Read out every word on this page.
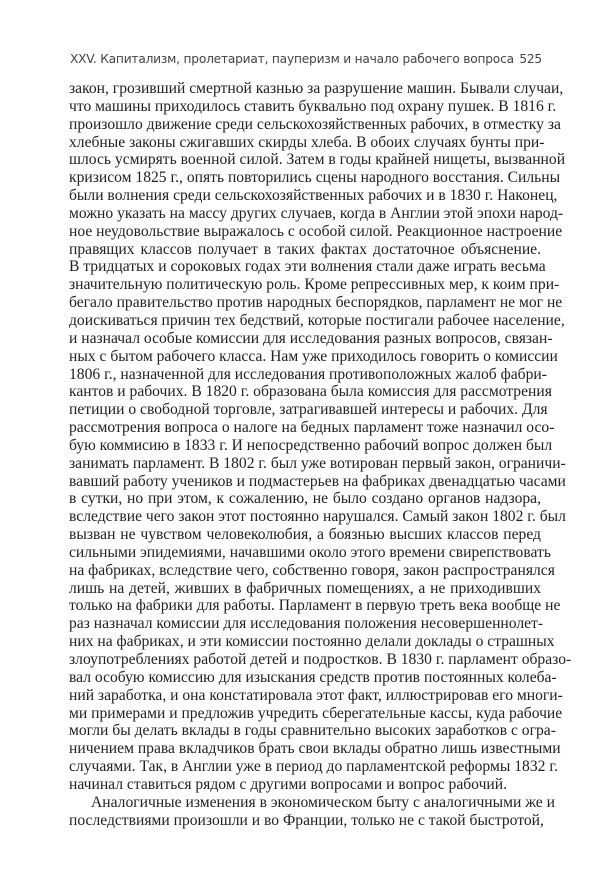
XXV. Капитализм, пролетариат, пауперизм и начало рабочего вопроса 525
закон, грозивший смертной казнью за разрушение машин. Бывали случаи,
что машины приходилось ставить буквально под охрану пушек. В 1816 г.
произошло движение среди сельскохозяйственных рабочих, в отместку за
хлебные законы сжигавших скирды хлеба. В обоих случаях бунты при-
шлось усмирять военной силой. Затем в годы крайней нищеты, вызванной
кризисом 1825 г., опять повторились сцены народного восстания. Сильны
были волнения среди сельскохозяйственных рабочих и в 1830 г. Наконец,
можно указать на массу других случаев, когда в Англии этой эпохи народ-
ное неудовольствие выражалось с особой силой. Реакционное настроение
правящих классов получает в таких фактах достаточное объяснение.
В тридцатых и сороковых годах эти волнения стали даже играть весьма
значительную политическую роль. Кроме репрессивных мер, к коим при-
бегало правительство против народных беспорядков, парламент не мог не
доискиваться причин тех бедствий, которые постигали рабочее население,
и назначал особые комиссии для исследования разных вопросов, связан-
ных с бытом рабочего класса. Нам уже приходилось говорить о комиссии
1806 г., назначенной для исследования противоположных жалоб фабри-
кантов и рабочих. В 1820 г. образована была комиссия для рассмотрения
петиции о свободной торговле, затрагивавшей интересы и рабочих. Для
рассмотрения вопроса о налоге на бедных парламент тоже назначил осо-
бую коммисию в 1833 г. И непосредственно рабочий вопрос должен был
занимать парламент. В 1802 г. был уже вотирован первый закон, ограничи-
вавший работу учеников и подмастерьев на фабриках двенадцатью часами
в сутки, но при этом, к сожалению, не было создано органов надзора,
вследствие чего закон этот постоянно нарушался. Самый закон 1802 г. был
вызван не чувством человеколюбия, а боязнью высших классов перед
сильными эпидемиями, начавшими около этого времени свирепствовать
на фабриках, вследствие чего, собственно говоря, закон распространялся
лишь на детей, живших в фабричных помещениях, а не приходивших
только на фабрики для работы. Парламент в первую треть века вообще не
раз назначал комиссии для исследования положения несовершеннолет-
них на фабриках, и эти комиссии постоянно делали доклады о страшных
злоупотреблениях работой детей и подростков. В 1830 г. парламент образо-
вал особую комиссию для изыскания средств против постоянных колеба-
ний заработка, и она констатировала этот факт, иллюстрировав его многи-
ми примерами и предложив учредить сберегательные кассы, куда рабочие
могли бы делать вклады в годы сравнительно высоких заработков с огра-
ничением права вкладчиков брать свои вклады обратно лишь известными
случаями. Так, в Англии уже в период до парламентской реформы 1832 г.
начинал ставиться рядом с другими вопросами и вопрос рабочий.
Аналогичные изменения в экономическом быту с аналогичными же и
последствиями произошли и во Франции, только не с такой быстротой,
